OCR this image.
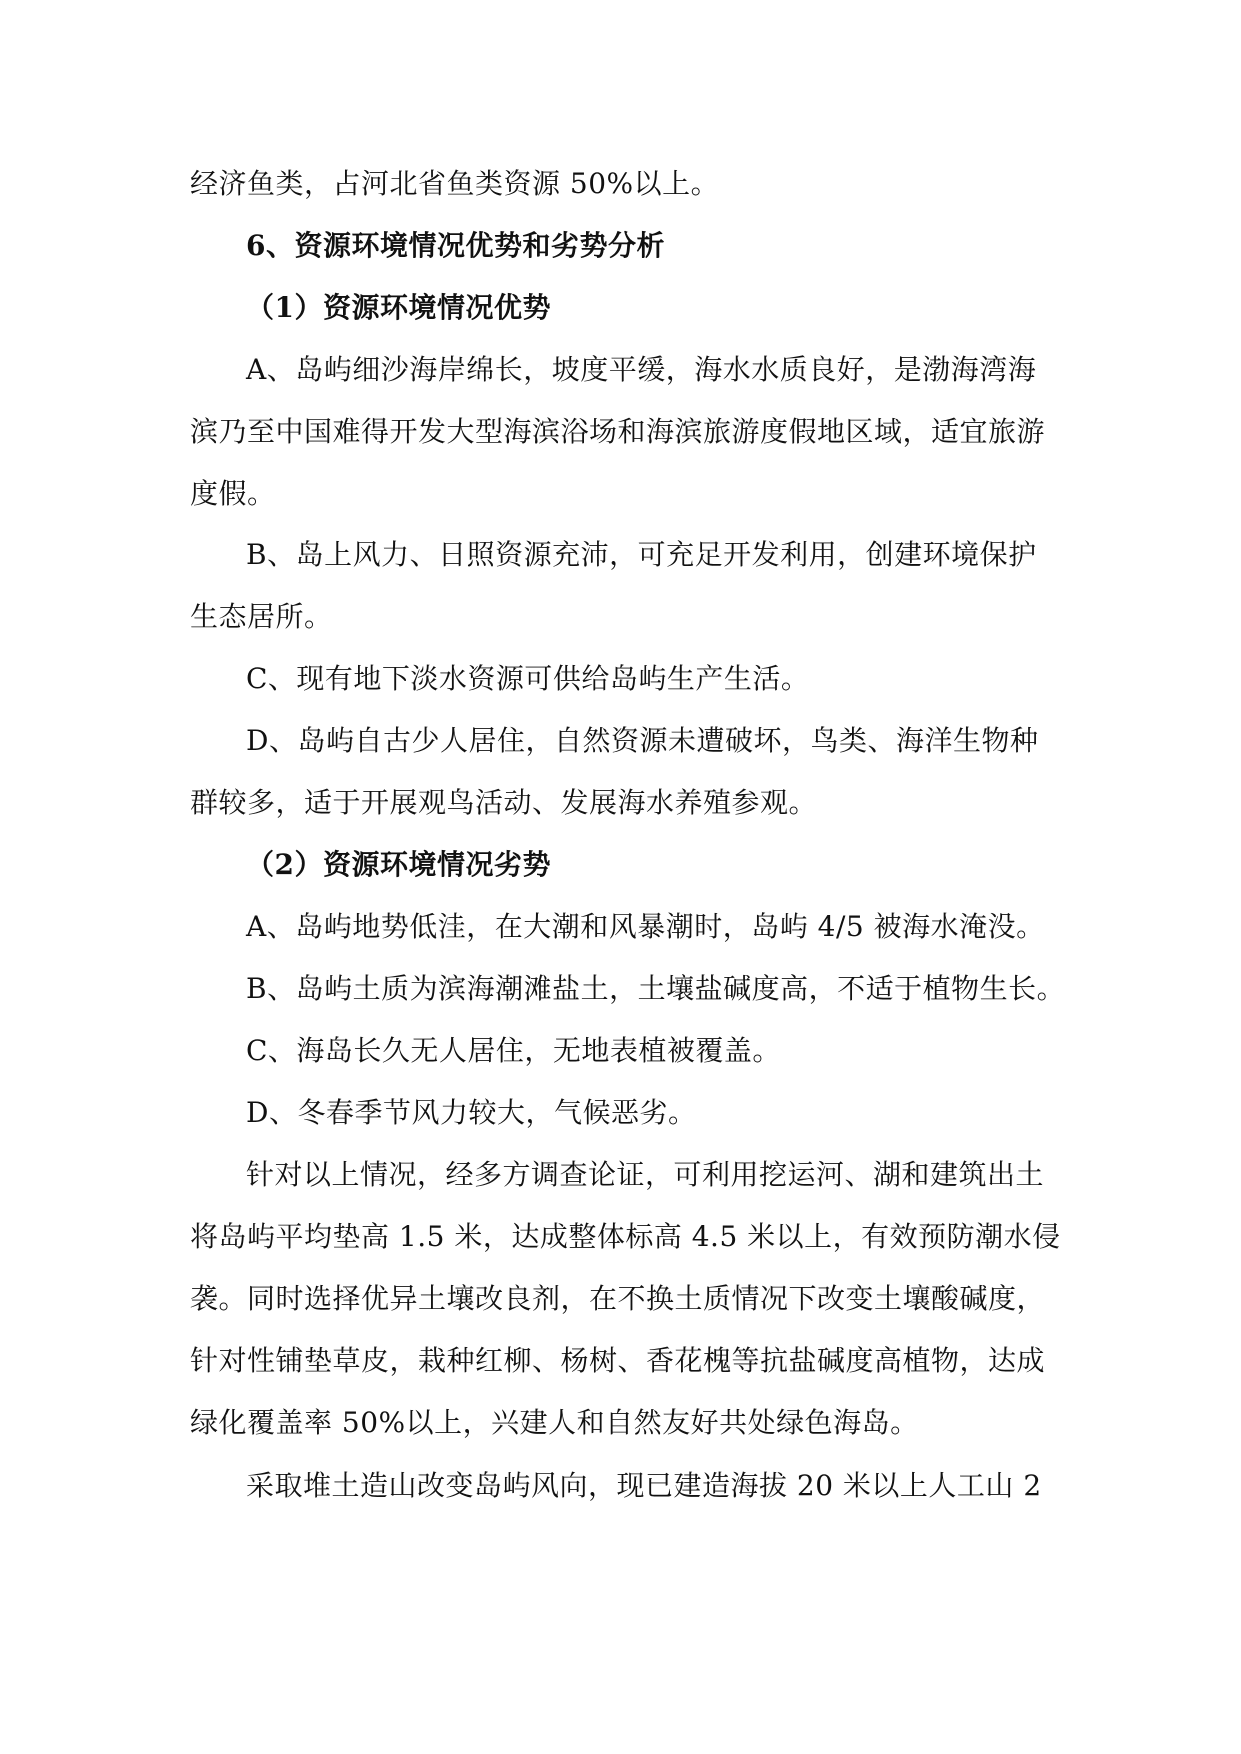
经济鱼类，占河北省鱼类资源 50%以上。
6、资源环境情况优势和劣势分析
（1）资源环境情况优势
A、岛屿细沙海岸绵长，坡度平缓，海水水质良好，是渤海湾海
滨乃至中国难得开发大型海滨浴场和海滨旅游度假地区域，适宜旅游
度假。
B、岛上风力、日照资源充沛，可充足开发利用，创建环境保护
生态居所。
C、现有地下淡水资源可供给岛屿生产生活。
D、岛屿自古少人居住，自然资源未遭破坏，鸟类、海洋生物种
群较多，适于开展观鸟活动、发展海水养殖参观。
（2）资源环境情况劣势
A、岛屿地势低洼，在大潮和风暴潮时，岛屿 4/5 被海水淹没。
B、岛屿土质为滨海潮滩盐土，土壤盐碱度高，不适于植物生长。
C、海岛长久无人居住，无地表植被覆盖。
D、冬春季节风力较大，气候恶劣。
针对以上情况，经多方调查论证，可利用挖运河、湖和建筑出土
将岛屿平均垫高 1.5 米，达成整体标高 4.5 米以上，有效预防潮水侵
袭。同时选择优异土壤改良剂，在不换土质情况下改变土壤酸碱度，
针对性铺垫草皮，栽种红柳、杨树、香花槐等抗盐碱度高植物，达成
绿化覆盖率 50%以上，兴建人和自然友好共处绿色海岛。
采取堆土造山改变岛屿风向，现已建造海拔 20 米以上人工山 2
